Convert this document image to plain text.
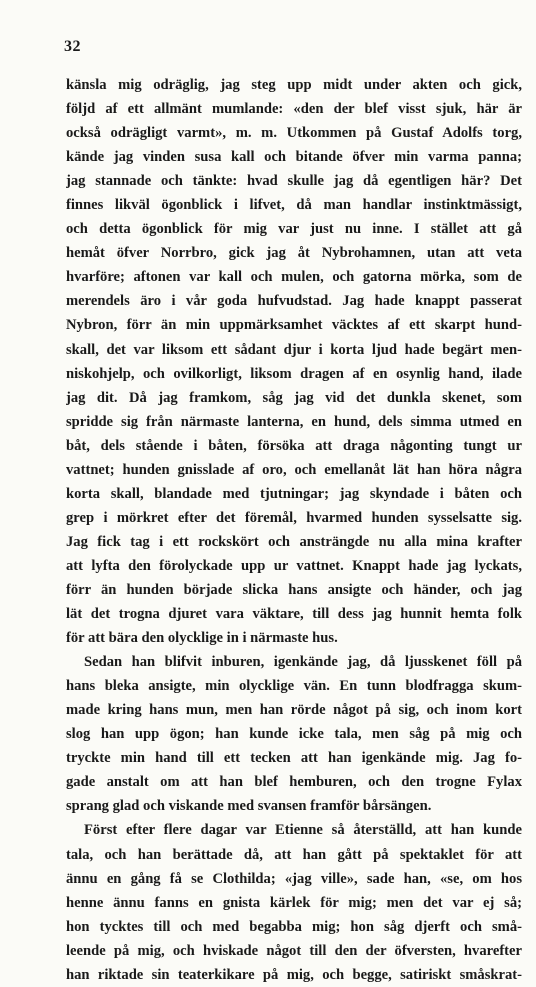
32
känsla mig odräglig, jag steg upp midt under akten och gick,
följd af ett allmänt mumlande: «den der blef visst sjuk, här är
också odrägligt varmt», m. m. Utkommen på Gustaf Adolfs torg,
kände jag vinden susa kall och bitande öfver min varma panna;
jag stannade och tänkte: hvad skulle jag då egentligen här? Det
finnes likväl ögonblick i lifvet, då man handlar instinktmässigt,
och detta ögonblick för mig var just nu inne. I stället att gå
hemåt öfver Norrbro, gick jag åt Nybrohamnen, utan att veta
hvarföre; aftonen var kall och mulen, och gatorna mörka, som de
merendels äro i vår goda hufvudstad. Jag hade knappt passerat
Nybron, förr än min uppmärksamhet väcktes af ett skarpt hund-
skall, det var liksom ett sådant djur i korta ljud hade begärt men-
niskohjelp, och ovilkorligt, liksom dragen af en osynlig hand, ilade
jag dit. Då jag framkom, såg jag vid det dunkla skenet, som
spridde sig från närmaste lanterna, en hund, dels simma utmed en
båt, dels stående i båten, försöka att draga någonting tungt ur
vattnet; hunden gnisslade af oro, och emellanåt lät han höra några
korta skall, blandade med tjutningar; jag skyndade i båten och
grep i mörkret efter det föremål, hvarmed hunden sysselsatte sig.
Jag fick tag i ett rockskört och ansträngde nu alla mina krafter
att lyfta den förolyckade upp ur vattnet. Knappt hade jag lyckats,
förr än hunden började slicka hans ansigte och händer, och jag
lät det trogna djuret vara väktare, till dess jag hunnit hemta folk
för att bära den olycklige in i närmaste hus.
Sedan han blifvit inburen, igenkände jag, då ljusskenet föll på
hans bleka ansigte, min olycklige vän. En tunn blodfragga skum-
made kring hans mun, men han rörde något på sig, och inom kort
slog han upp ögon; han kunde icke tala, men såg på mig och
tryckte min hand till ett tecken att han igenkände mig. Jag fo-
gade anstalt om att han blef hemburen, och den trogne Fylax
sprang glad och viskande med svansen framför bårsängen.
Först efter flere dagar var Etienne så återställd, att han kunde
tala, och han berättade då, att han gått på spektaklet för att
ännu en gång få se Clothilda; «jag ville», sade han, «se, om hos
henne ännu fanns en gnista kärlek för mig; men det var ej så;
hon tycktes till och med begabba mig; hon såg djerft och små-
leende på mig, och hviskade något till den der öfversten, hvarefter
han riktade sin teaterkikare på mig, och begge, satiriskt småskrat-
